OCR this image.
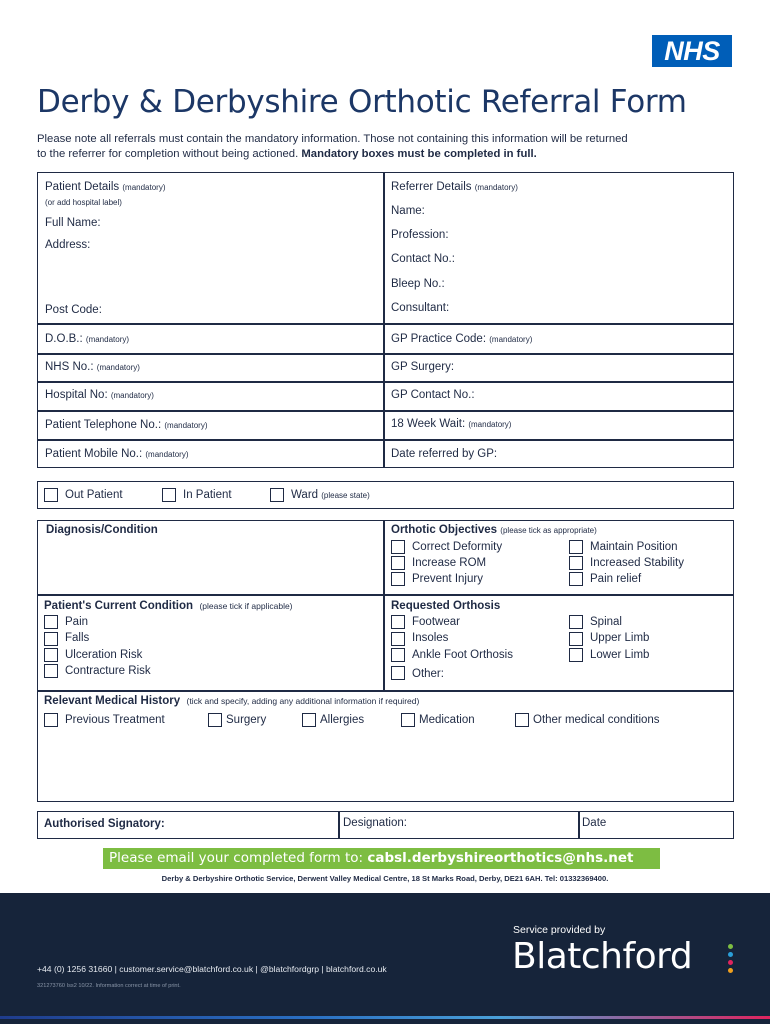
NHS
Derby & Derbyshire Orthotic Referral Form
Please note all referrals must contain the mandatory information. Those not containing this information will be returned
to the referrer for completion without being actioned. Mandatory boxes must be completed in full.
Patient Details (mandatory)
(or add hospital label)
Full Name:
Address:
Post Code:
Referrer Details (mandatory)
Name:
Profession:
Contact No.:
Bleep No.:
Consultant:
D.O.B.: (mandatory)	GP Practice Code: (mandatory)
NHS No.: (mandatory)	GP Surgery:
Hospital No: (mandatory)	GP Contact No.:
Patient Telephone No.: (mandatory)	18 Week Wait: (mandatory)
Patient Mobile No.: (mandatory)	Date referred by GP:
Out Patient	In Patient	Ward (please state)
Diagnosis/Condition	Orthotic Objectives (please tick as appropriate)
Correct Deformity
Increase ROM
Prevent Injury
Maintain Position
Increased Stability
Pain relief
Patient's Current Condition (please tick if applicable)
Pain
Falls
Ulceration Risk
Contracture Risk
Requested Orthosis
Footwear
Insoles
Ankle Foot Orthosis
Other:
Spinal
Upper Limb
Lower Limb
Relevant Medical History (tick and specify, adding any additional information if required)
Previous Treatment	Surgery	Allergies	Medication	Other medical conditions
Authorised Signatory:	Designation:	Date
Please email your completed form to: cabsl.derbyshireorthotics@nhs.net
Derby & Derbyshire Orthotic Service, Derwent Valley Medical Centre, 18 St Marks Road, Derby, DE21 6AH. Tel: 01332369400.
Service provided by
Blatchford
+44 (0) 1256 31660 | customer.service@blatchford.co.uk | @blatchfordgrp | blatchford.co.uk
321273760 Iss2 10/22. Information correct at time of print.
